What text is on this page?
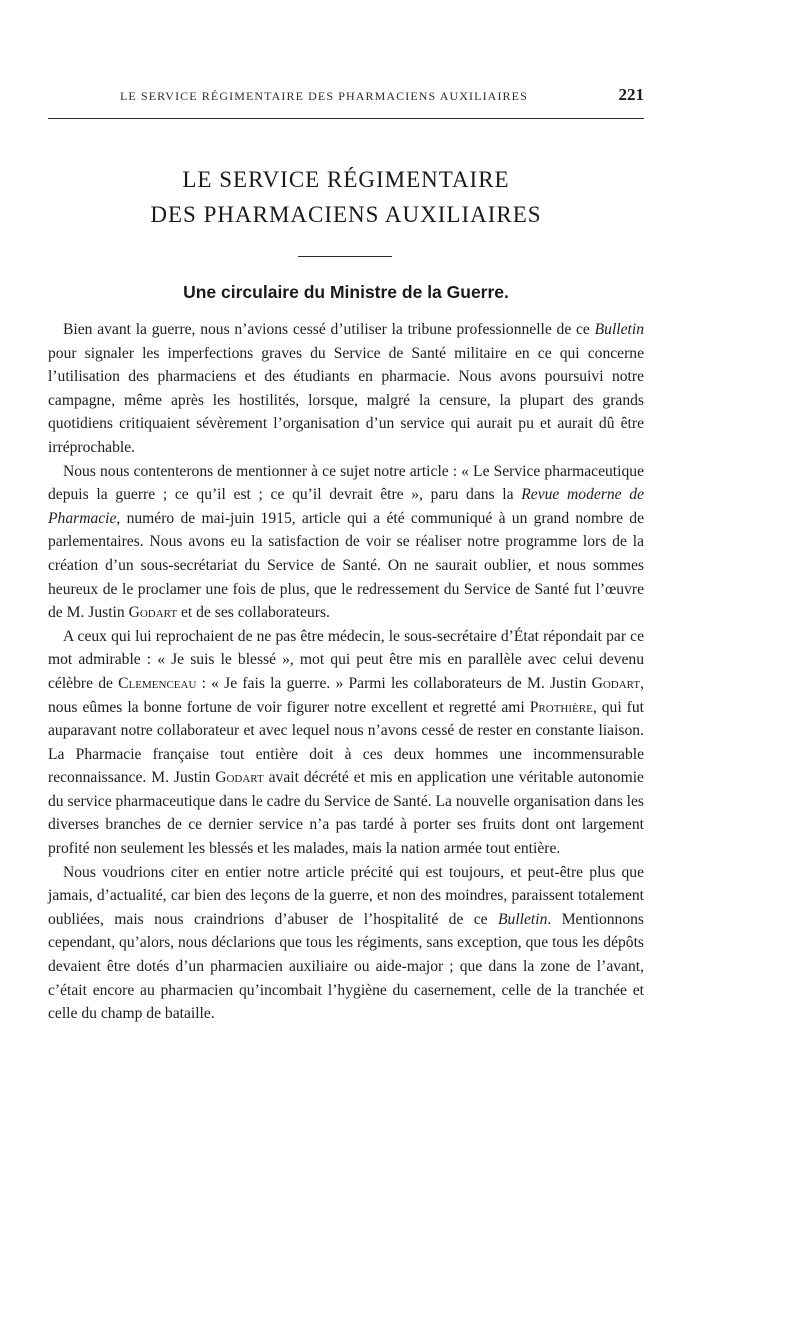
LE SERVICE RÉGIMENTAIRE DES PHARMACIENS AUXILIAIRES	221
LE SERVICE RÉGIMENTAIRE
DES PHARMACIENS AUXILIAIRES
Une circulaire du Ministre de la Guerre.

Bien avant la guerre, nous n’avions cessé d’utiliser la tribune professionnelle de ce Bulletin pour signaler les imperfections graves du Service de Santé militaire en ce qui concerne l’utilisation des pharmaciens et des étudiants en pharmacie. Nous avons poursuivi notre campagne, même après les hostilités, lorsque, malgré la censure, la plupart des grands quotidiens critiquaient sévèrement l’organisation d’un service qui aurait pu et aurait dû être irréprochable.

Nous nous contenterons de mentionner à ce sujet notre article : « Le Service pharmaceutique depuis la guerre ; ce qu’il est ; ce qu’il devrait être », paru dans la Revue moderne de Pharmacie, numéro de mai-juin 1915, article qui a été communiqué à un grand nombre de parlementaires. Nous avons eu la satisfaction de voir se réaliser notre programme lors de la création d’un sous-secrétariat du Service de Santé. On ne saurait oublier, et nous sommes heureux de le proclamer une fois de plus, que le redressement du Service de Santé fut l’œuvre de M. Justin Godart et de ses collaborateurs.

A ceux qui lui reprochaient de ne pas être médecin, le sous-secrétaire d’État répondait par ce mot admirable : « Je suis le blessé », mot qui peut être mis en parallèle avec celui devenu célèbre de Clemenceau : « Je fais la guerre. » Parmi les collaborateurs de M. Justin Godart, nous eûmes la bonne fortune de voir figurer notre excellent et regretté ami Prothière, qui fut auparavant notre collaborateur et avec lequel nous n’avons cessé de rester en constante liaison. La Pharmacie française tout entière doit à ces deux hommes une incommensurable reconnaissance. M. Justin Godart avait décrété et mis en application une véritable autonomie du service pharmaceutique dans le cadre du Service de Santé. La nouvelle organisation dans les diverses branches de ce dernier service n’a pas tardé à porter ses fruits dont ont largement profité non seulement les blessés et les malades, mais la nation armée tout entière.

Nous voudrions citer en entier notre article précité qui est toujours, et peut-être plus que jamais, d’actualité, car bien des leçons de la guerre, et non des moindres, paraissent totalement oubliées, mais nous craindrions d’abuser de l’hospitalité de ce Bulletin. Mentionnons cependant, qu’alors, nous déclarions que tous les régiments, sans exception, que tous les dépôts devaient être dotés d’un pharmacien auxiliaire ou aide-major ; que dans la zone de l’avant, c’était encore au pharmacien qu’incombait l’hygiène du casernement, celle de la tranchée et celle du champ de bataille.
